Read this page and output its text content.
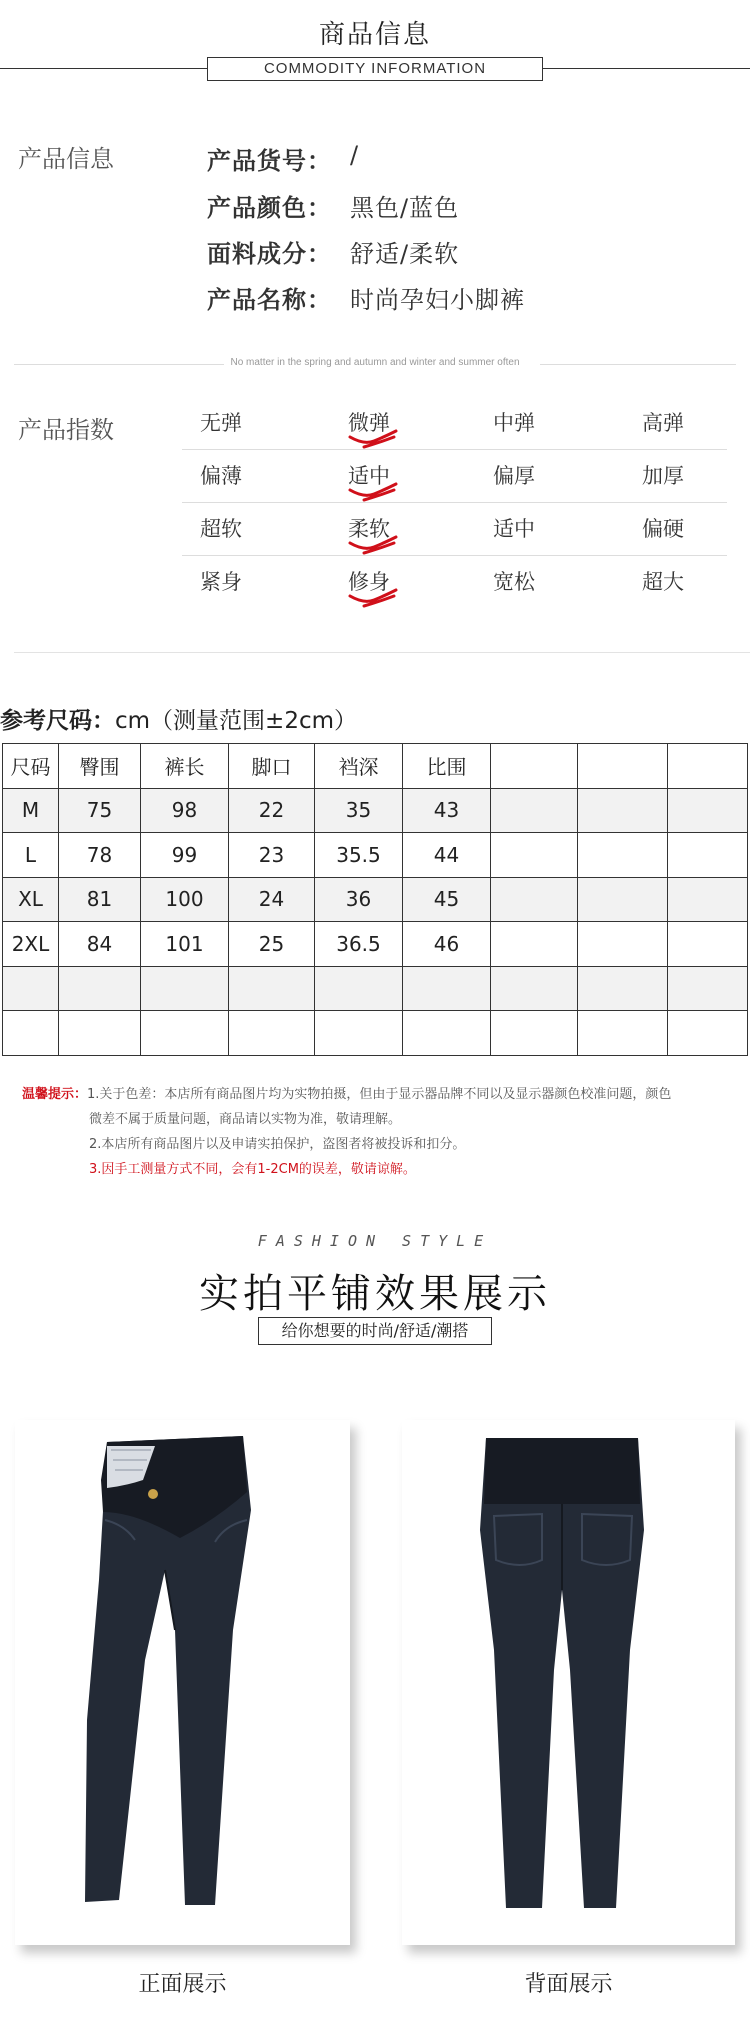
商品信息
COMMODITY INFORMATION
产品信息	产品货号： /
产品颜色： 黑色/蓝色
面料成分： 舒适/柔软
产品名称： 时尚孕妇小脚裤
No matter in the spring and autumn and winter and summer often
产品指数	无弹	微弹	中弹	高弹
偏薄	适中	偏厚	加厚
超软	柔软	适中	偏硬
紧身	修身	宽松	超大
参考尺码：cm（测量范围±2cm）
尺码	臀围	裤长	脚口	裆深	比围			
M	75	98	22	35	43			
L	78	99	23	35.5	44			
XL	81	100	24	36	45			
2XL	84	101	25	36.5	46			

温馨提示：1.关于色差：本店所有商品图片均为实物拍摄，但由于显示器品牌不同以及显示器颜色校准问题，颜色
微差不属于质量问题，商品请以实物为准，敬请理解。
2.本店所有商品图片以及申请实拍保护，盗图者将被投诉和扣分。
3.因手工测量方式不同，会有1-2CM的误差，敬请谅解。
FASHION STYLE
实拍平铺效果展示
给你想要的时尚/舒适/潮搭
正面展示	背面展示
